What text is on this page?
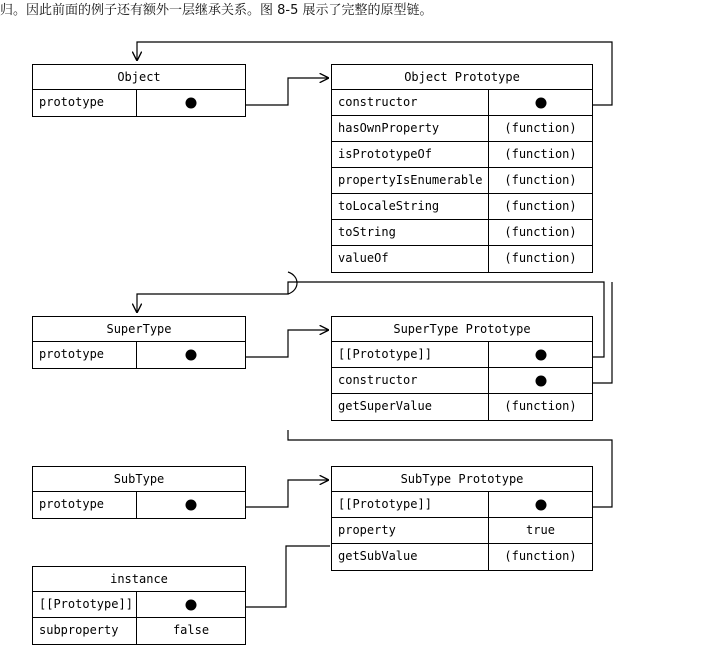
归。因此前面的例子还有额外一层继承关系。图 8-5 展示了完整的原型链。
Object
prototype
Object Prototype
constructor
hasOwnProperty	(function)
isPrototypeOf	(function)
propertyIsEnumerable	(function)
toLocaleString	(function)
toString	(function)
valueOf	(function)
SuperType
prototype
SuperType Prototype
[[Prototype]]
constructor
getSuperValue	(function)
SubType
prototype
SubType Prototype
[[Prototype]]
property	true
getSubValue	(function)
instance
[[Prototype]]
subproperty	false
